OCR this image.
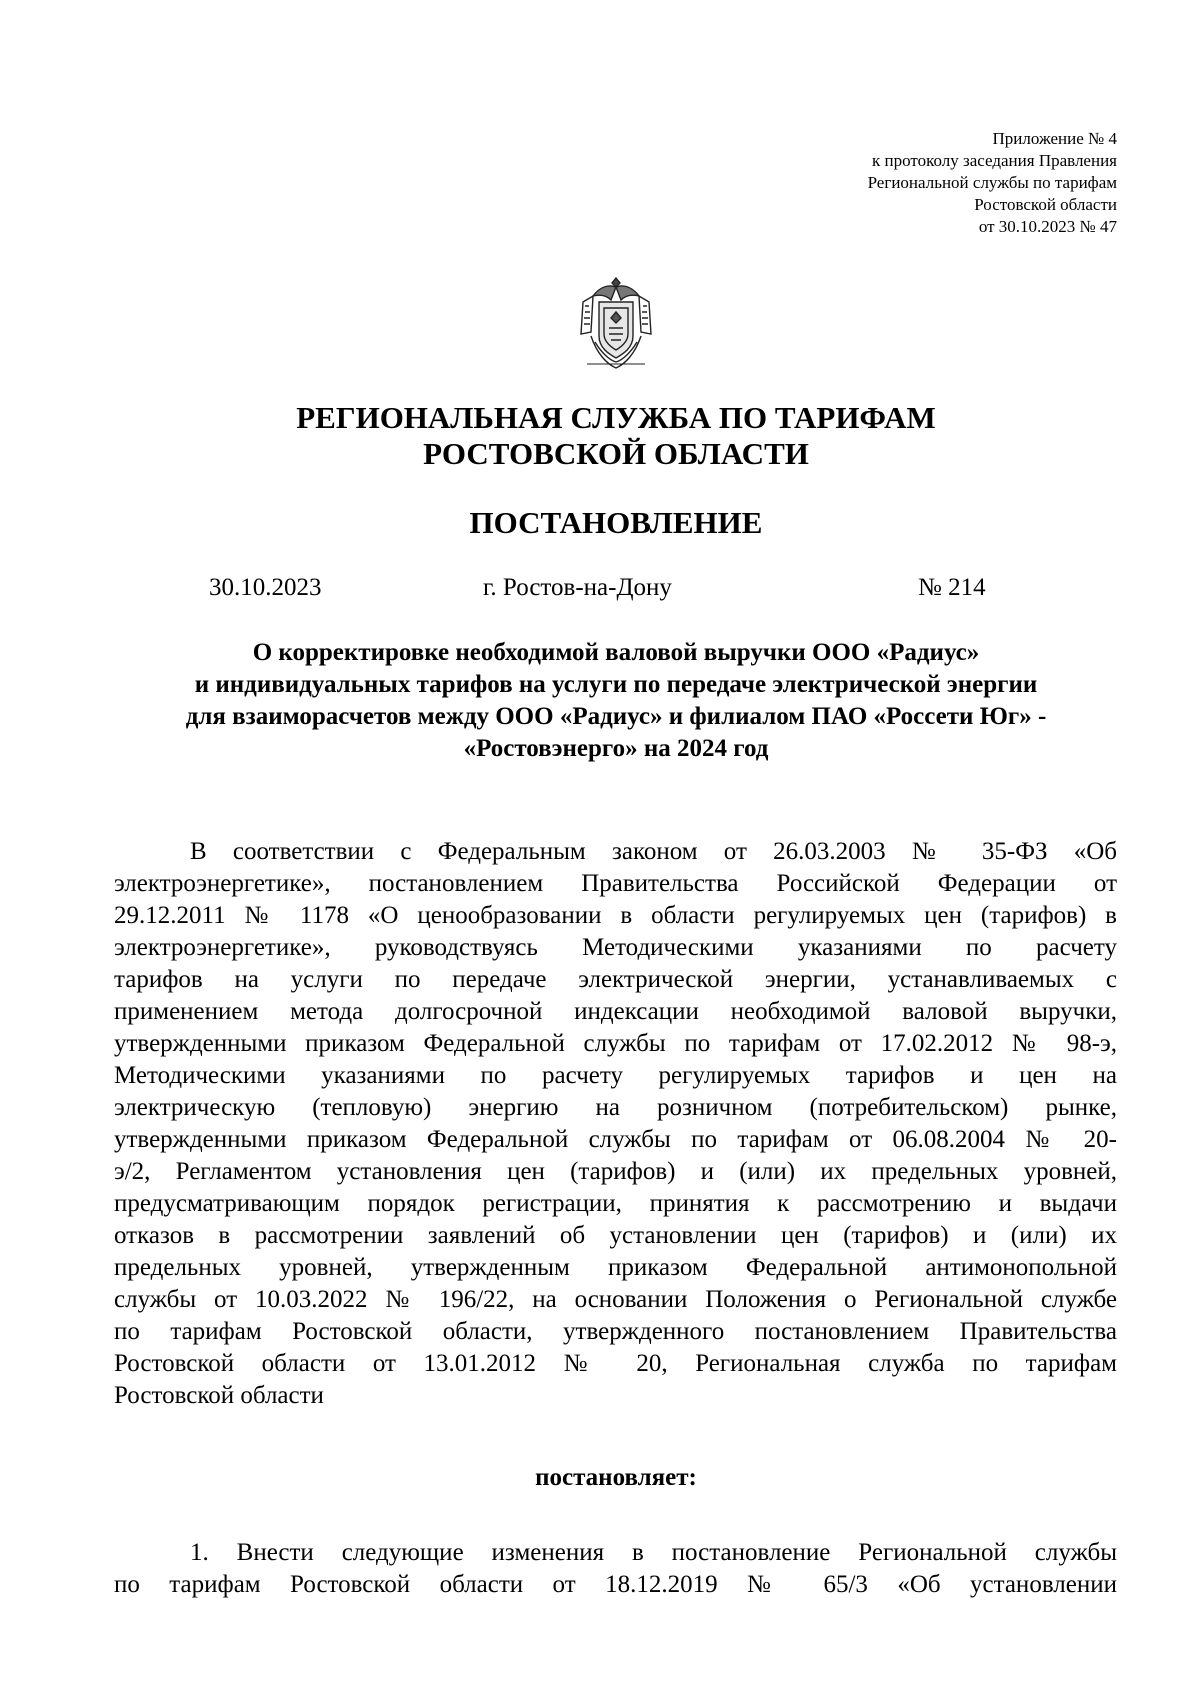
Приложение № 4
к протоколу заседания Правления
Региональной службы по тарифам
Ростовской области
от 30.10.2023 № 47
РЕГИОНАЛЬНАЯ СЛУЖБА ПО ТАРИФАМ
РОСТОВСКОЙ ОБЛАСТИ
ПОСТАНОВЛЕНИЕ
30.10.2023	г. Ростов-на-Дону	№ 214
О корректировке необходимой валовой выручки ООО «Радиус»
и индивидуальных тарифов на услуги по передаче электрической энергии
для взаиморасчетов между ООО «Радиус» и филиалом ПАО «Россети Юг» -
«Ростовэнерго» на 2024 год
В соответствии с Федеральным законом от 26.03.2003 № 35-ФЗ «Об
электроэнергетике», постановлением Правительства Российской Федерации от
29.12.2011 № 1178 «О ценообразовании в области регулируемых цен (тарифов) в
электроэнергетике», руководствуясь Методическими указаниями по расчету
тарифов на услуги по передаче электрической энергии, устанавливаемых с
применением метода долгосрочной индексации необходимой валовой выручки,
утвержденными приказом Федеральной службы по тарифам от 17.02.2012 № 98-э,
Методическими указаниями по расчету регулируемых тарифов и цен на
электрическую (тепловую) энергию на розничном (потребительском) рынке,
утвержденными приказом Федеральной службы по тарифам от 06.08.2004 № 20-
э/2, Регламентом установления цен (тарифов) и (или) их предельных уровней,
предусматривающим порядок регистрации, принятия к рассмотрению и выдачи
отказов в рассмотрении заявлений об установлении цен (тарифов) и (или) их
предельных уровней, утвержденным приказом Федеральной антимонопольной
службы от 10.03.2022 № 196/22, на основании Положения о Региональной службе
по тарифам Ростовской области, утвержденного постановлением Правительства
Ростовской области от 13.01.2012 № 20, Региональная служба по тарифам
Ростовской области
постановляет:
1. Внести следующие изменения в постановление Региональной службы
по тарифам Ростовской области от 18.12.2019 № 65/3 «Об установлении
